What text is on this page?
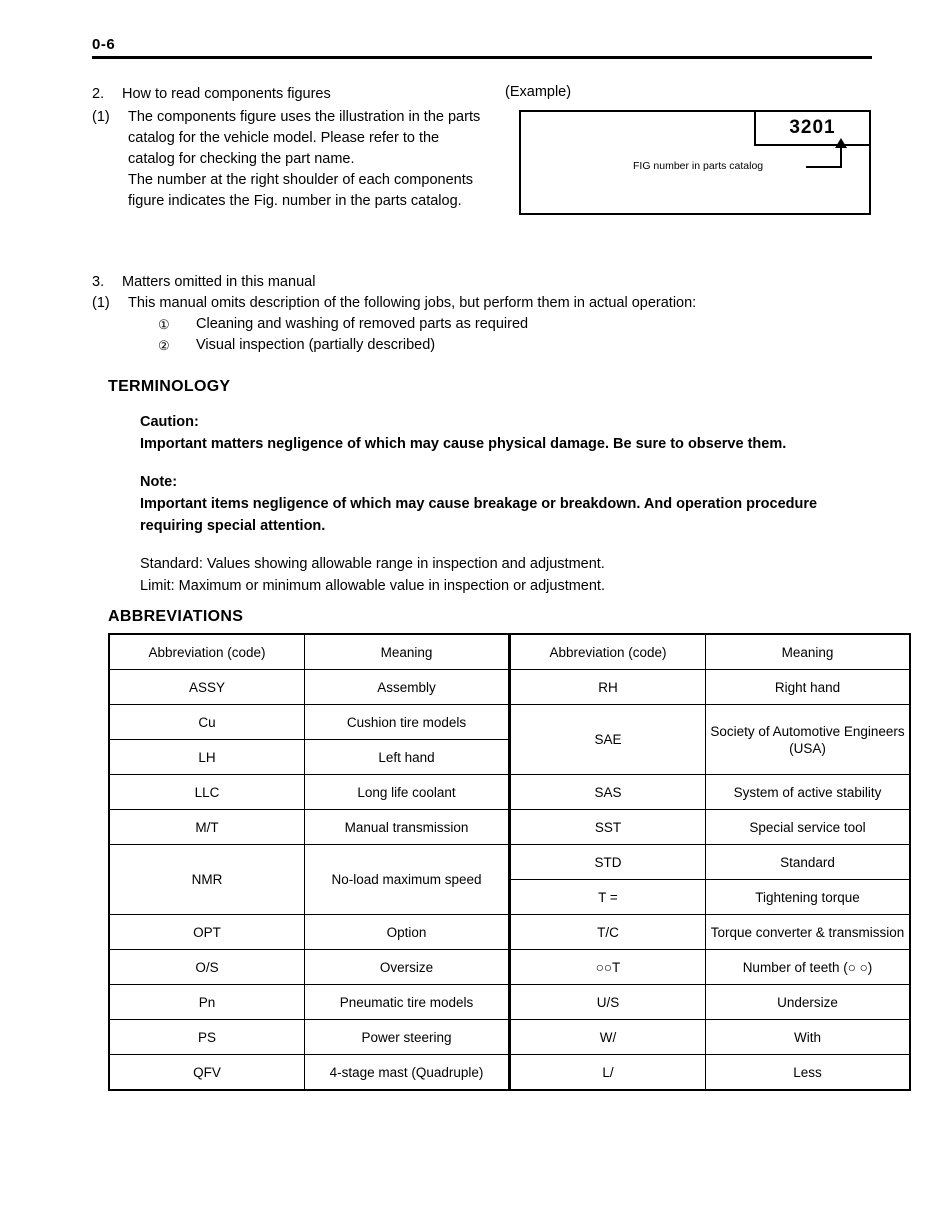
0-6
2.	How to read components figures
(1)	The components figure uses the illustration in the parts catalog for the vehicle model. Please refer to the catalog for checking the part name.
The number at the right shoulder of each components figure indicates the Fig. number in the parts catalog.
(Example)
3201
FIG number in parts catalog
3.	Matters omitted in this manual
(1)	This manual omits description of the following jobs, but perform them in actual operation:
①	Cleaning and washing of removed parts as required
②	Visual inspection (partially described)
TERMINOLOGY
Caution:
Important matters negligence of which may cause physical damage. Be sure to observe them.
Note:
Important items negligence of which may cause breakage or breakdown. And operation procedure requiring special attention.
Standard: Values showing allowable range in inspection and adjustment.
Limit: Maximum or minimum allowable value in inspection or adjustment.
ABBREVIATIONS
Abbreviation (code)	Meaning	Abbreviation (code)	Meaning
ASSY	Assembly	RH	Right hand
Cu	Cushion tire models	SAE	Society of Automotive Engineers (USA)
LH	Left hand		
LLC	Long life coolant	SAS	System of active stability
M/T	Manual transmission	SST	Special service tool
NMR	No-load maximum speed	STD	Standard
		T =	Tightening torque
OPT	Option	T/C	Torque converter & transmission
O/S	Oversize	○○T	Number of teeth (○ ○)
Pn	Pneumatic tire models	U/S	Undersize
PS	Power steering	W/	With
QFV	4-stage mast (Quadruple)	L/	Less
